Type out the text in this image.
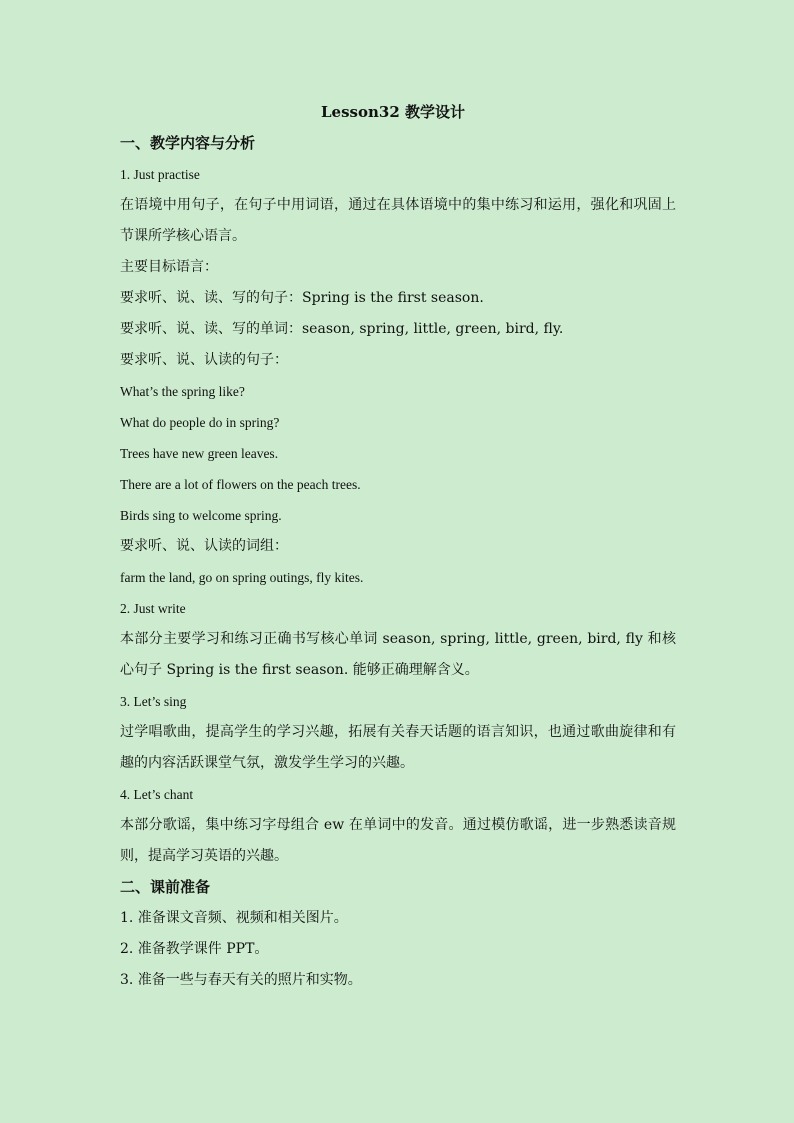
Lesson32 教学设计
一、教学内容与分析
1. Just practise
在语境中用句子，在句子中用词语，通过在具体语境中的集中练习和运用，强化和巩固上节课所学核心语言。
主要目标语言：
要求听、说、读、写的句子：Spring is the first season.
要求听、说、读、写的单词：season, spring, little, green, bird, fly.
要求听、说、认读的句子：
What’s the spring like?
What do people do in spring?
Trees have new green leaves.
There are a lot of flowers on the peach trees.
Birds sing to welcome spring.
要求听、说、认读的词组：
farm the land, go on spring outings, fly kites.
2. Just write
本部分主要学习和练习正确书写核心单词 season, spring, little, green, bird, fly 和核心句子 Spring is the first season. 能够正确理解含义。
3. Let’s sing
过学唱歌曲，提高学生的学习兴趣，拓展有关春天话题的语言知识，也通过歌曲旋律和有趣的内容活跃课堂气氛，激发学生学习的兴趣。
4. Let’s chant
本部分歌谣，集中练习字母组合 ew 在单词中的发音。通过模仿歌谣，进一步熟悉读音规则，提高学习英语的兴趣。
二、课前准备
1. 准备课文音频、视频和相关图片。
2. 准备教学课件 PPT。
3. 准备一些与春天有关的照片和实物。
